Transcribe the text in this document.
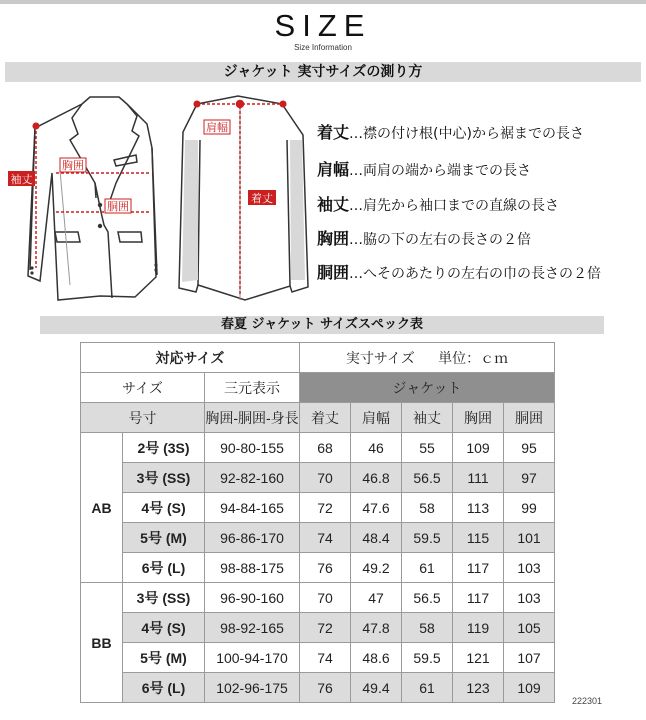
SIZE
Size Information
ジャケット 実寸サイズの測り方
袖丈
胸囲
胴囲
肩幅
着丈
着丈…襟の付け根(中心)から裾までの長さ
肩幅…両肩の端から端までの長さ
袖丈…肩先から袖口までの直線の長さ
胸囲…脇の下の左右の長さの２倍
胴囲…へそのあたりの左右の巾の長さの２倍
春夏 ジャケット サイズスペック表
対応サイズ			実寸サイズ 単位：ｃｍ				
サイズ		三元表示	ジャケット				
号寸		胸囲-胴囲-身長	着丈	肩幅	袖丈	胸囲	胴囲
AB	2号 (3S)	90-80-155	68	46	55	109	95
	3号 (SS)	92-82-160	70	46.8	56.5	111	97
	4号 (S)	94-84-165	72	47.6	58	113	99
	5号 (M)	96-86-170	74	48.4	59.5	115	101
	6号 (L)	98-88-175	76	49.2	61	117	103
BB	3号 (SS)	96-90-160	70	47	56.5	117	103
	4号 (S)	98-92-165	72	47.8	58	119	105
	5号 (M)	100-94-170	74	48.6	59.5	121	107
	6号 (L)	102-96-175	76	49.4	61	123	109
222301
